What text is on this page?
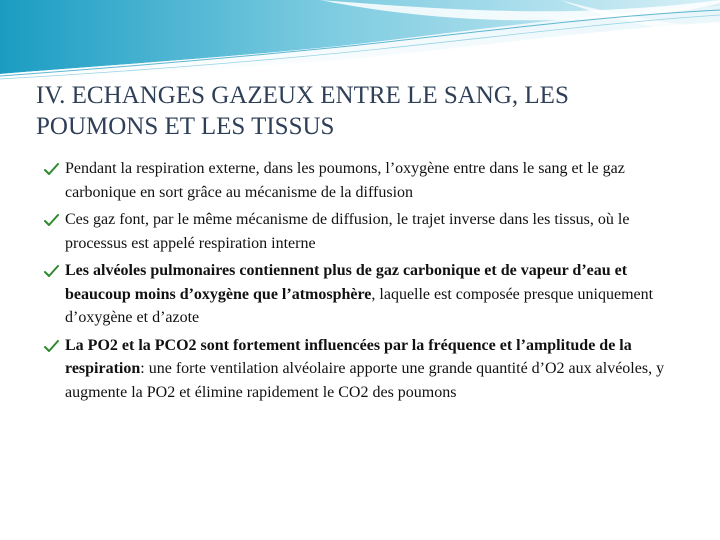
IV. ECHANGES GAZEUX ENTRE LE SANG, LES POUMONS ET LES TISSUS
Pendant la respiration externe, dans les poumons, l’oxygène entre dans le sang et le gaz carbonique en sort grâce au mécanisme de la diffusion
Ces gaz font, par le même mécanisme de diffusion, le trajet inverse dans les tissus, où le processus est appelé respiration interne
Les alvéoles pulmonaires contiennent plus de gaz carbonique et de vapeur d’eau et beaucoup moins d’oxygène que l’atmosphère, laquelle est composée presque uniquement d’oxygène et d’azote
La PO2 et la PCO2 sont fortement influencées par la fréquence et l’amplitude de la respiration: une forte ventilation alvéolaire apporte une grande quantité d’O2 aux alvéoles, y augmente la PO2 et élimine rapidement le CO2 des poumons
